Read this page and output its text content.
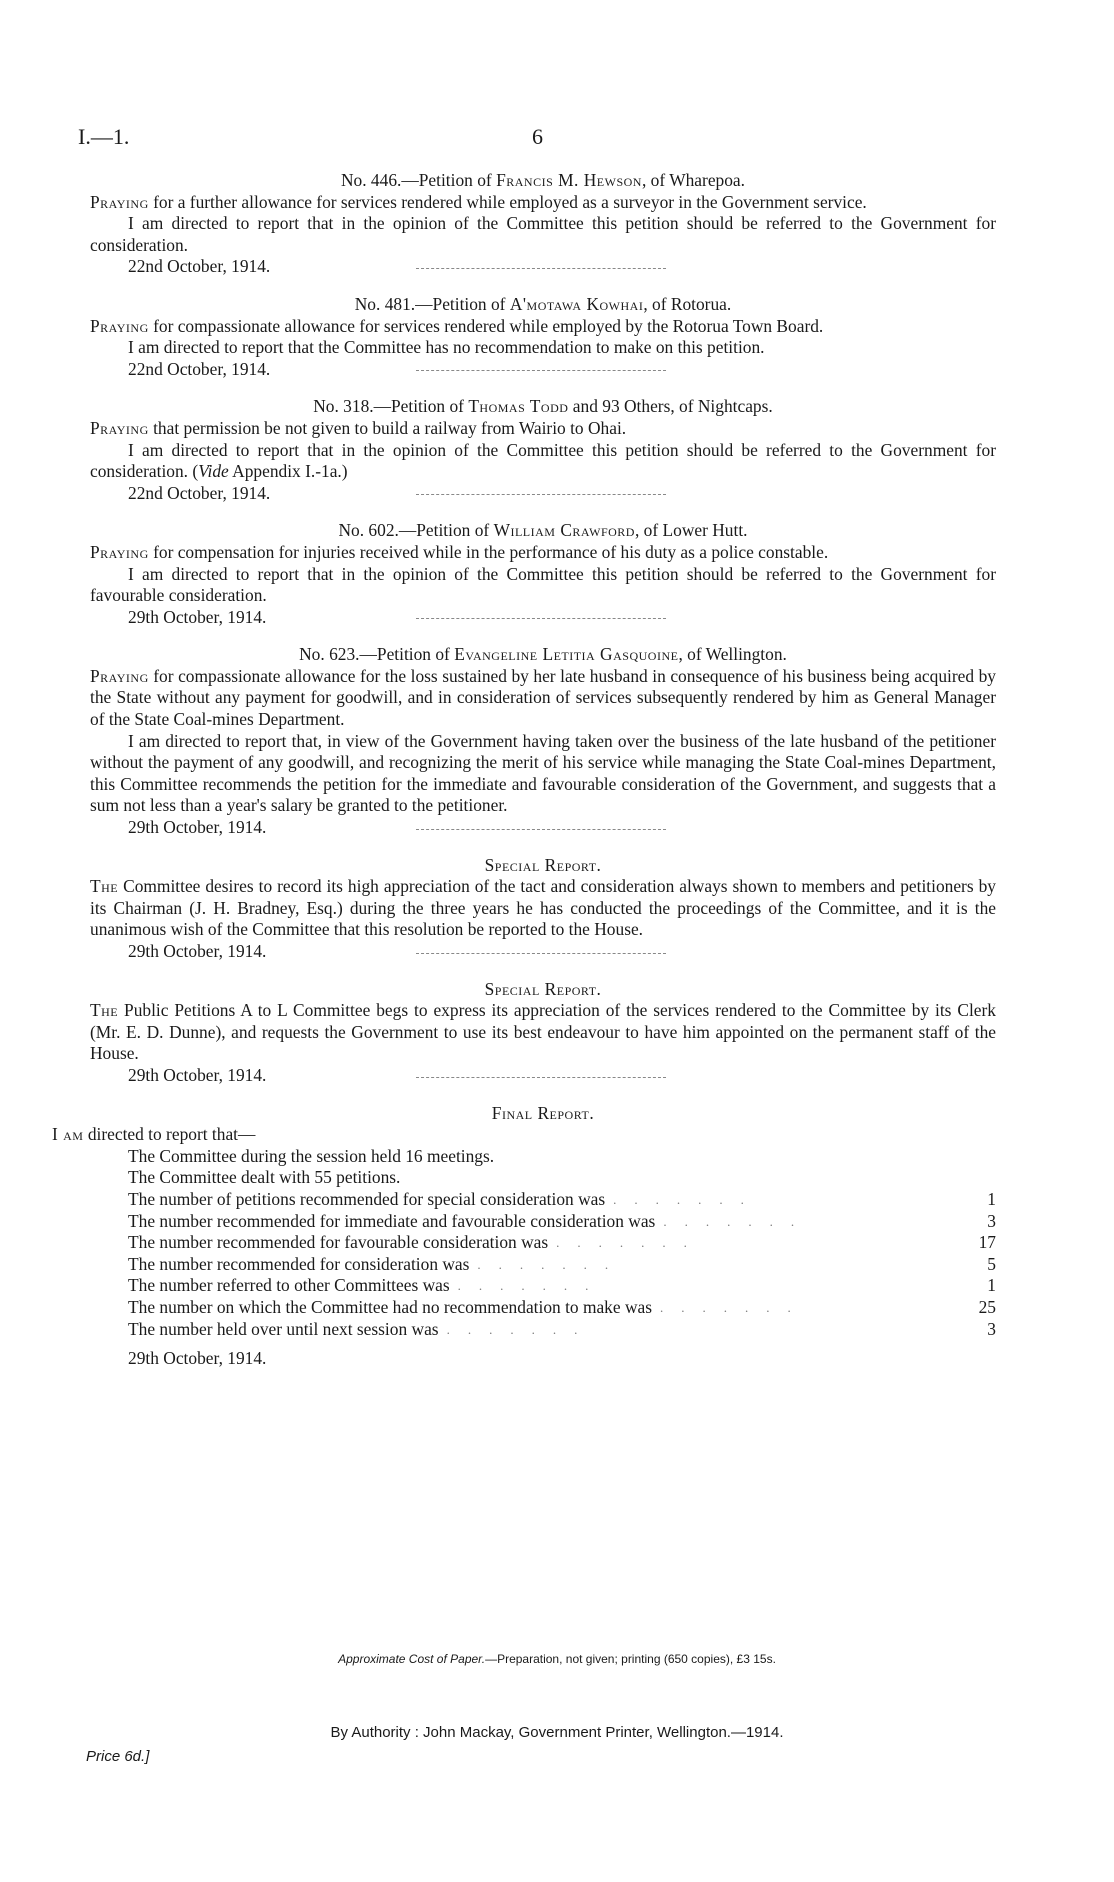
I.—1.	6

No. 446.—Petition of Francis M. Hewson, of Wharepoa.

Praying for a further allowance for services rendered while employed as a surveyor in the Government service.

I am directed to report that in the opinion of the Committee this petition should be referred to the Government for consideration.

22nd October, 1914.

No. 481.—Petition of A'motawa Kowhai, of Rotorua.

Praying for compassionate allowance for services rendered while employed by the Rotorua Town Board.

I am directed to report that the Committee has no recommendation to make on this petition.

22nd October, 1914.

No. 318.—Petition of Thomas Todd and 93 Others, of Nightcaps.

Praying that permission be not given to build a railway from Wairio to Ohai.

I am directed to report that in the opinion of the Committee this petition should be referred to the Government for consideration. (Vide Appendix I.-1a.)

22nd October, 1914.

No. 602.—Petition of William Crawford, of Lower Hutt.

Praying for compensation for injuries received while in the performance of his duty as a police constable.

I am directed to report that in the opinion of the Committee this petition should be referred to the Government for favourable consideration.

29th October, 1914.

No. 623.—Petition of Evangeline Letitia Gasquoine, of Wellington.

Praying for compassionate allowance for the loss sustained by her late husband in consequence of his business being acquired by the State without any payment for goodwill, and in consideration of services subsequently rendered by him as General Manager of the State Coal-mines Department.

I am directed to report that, in view of the Government having taken over the business of the late husband of the petitioner without the payment of any goodwill, and recognizing the merit of his service while managing the State Coal-mines Department, this Committee recommends the petition for the immediate and favourable consideration of the Government, and suggests that a sum not less than a year's salary be granted to the petitioner.

29th October, 1914.

Special Report.

The Committee desires to record its high appreciation of the tact and consideration always shown to members and petitioners by its Chairman (J. H. Bradney, Esq.) during the three years he has conducted the proceedings of the Committee, and it is the unanimous wish of the Committee that this resolution be reported to the House.

29th October, 1914.

Special Report.

The Public Petitions A to L Committee begs to express its appreciation of the services rendered to the Committee by its Clerk (Mr. E. D. Dunne), and requests the Government to use its best endeavour to have him appointed on the permanent staff of the House.

29th October, 1914.

Final Report.

I am directed to report that—

The Committee during the session held 16 meetings.
The Committee dealt with 55 petitions.
The number of petitions recommended for special consideration was .......	1
The number recommended for immediate and favourable consideration was .......	3
The number recommended for favourable consideration was .......	17
The number recommended for consideration was .......	5
The number referred to other Committees was .......	1
The number on which the Committee had no recommendation to make was .......	25
The number held over until next session was .......	3

29th October, 1914.

Approximate Cost of Paper.—Preparation, not given; printing (650 copies), £3 15s.
By Authority : John Mackay, Government Printer, Wellington.—1914.
Price 6d.]
